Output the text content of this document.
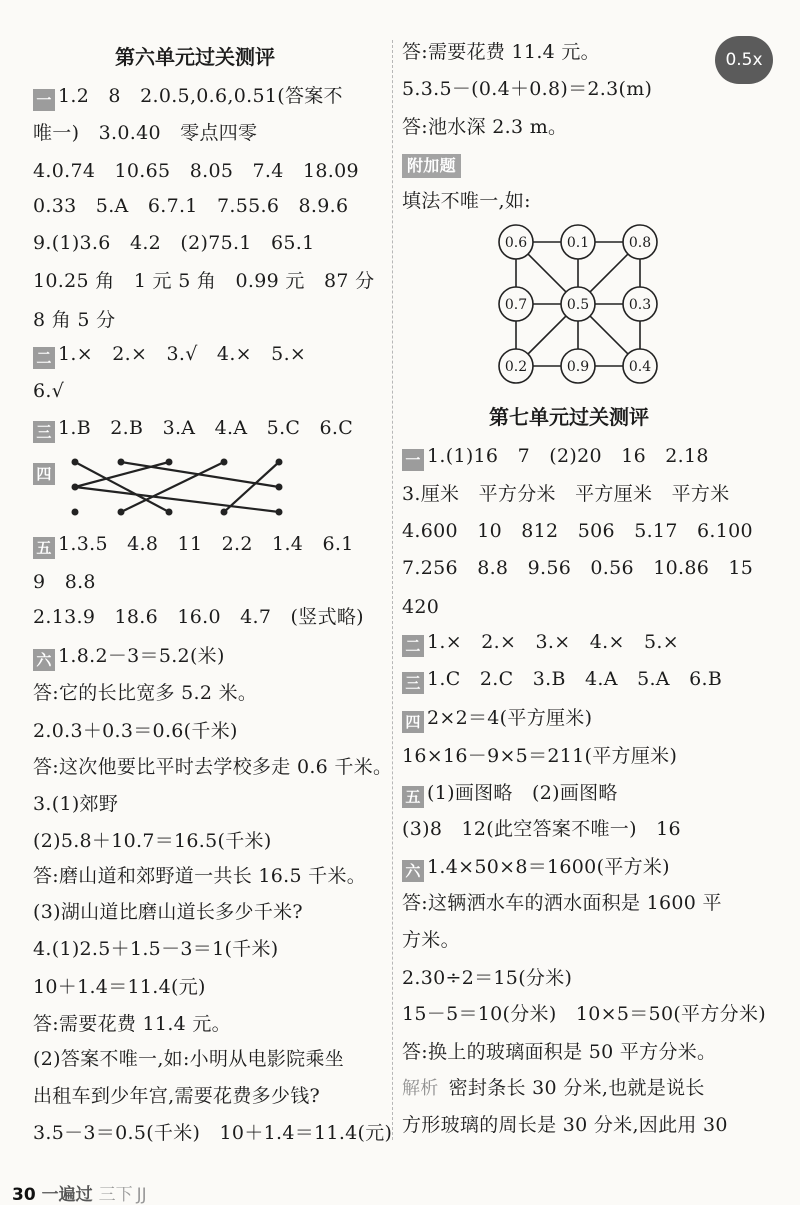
0.5x
第六单元过关测评
一 1.2　8　2.0.5,0.6,0.51(答案不
唯一)　3.0.40　零点四零
4.0.74　10.65　8.05　7.4　18.09
0.33　5.A　6.7.1　7.55.6　8.9.6
9.(1)3.6　4.2　(2)75.1　65.1
10.25 角　1 元 5 角　0.99 元　87 分
8 角 5 分
二 1.×　2.×　3.√　4.×　5.×
6.√
三 1.B　2.B　3.A　4.A　5.C　6.C
四
五 1.3.5　4.8　11　2.2　1.4　6.1
9　8.8
2.13.9　18.6　16.0　4.7　(竖式略)
六 1.8.2－3＝5.2(米)
答:它的长比宽多 5.2 米。
2.0.3＋0.3＝0.6(千米)
答:这次他要比平时去学校多走 0.6 千米。
3.(1)郊野
(2)5.8＋10.7＝16.5(千米)
答:磨山道和郊野道一共长 16.5 千米。
(3)湖山道比磨山道长多少千米?
4.(1)2.5＋1.5－3＝1(千米)
10＋1.4＝11.4(元)
答:需要花费 11.4 元。
(2)答案不唯一,如:小明从电影院乘坐
出租车到少年宫,需要花费多少钱?
3.5－3＝0.5(千米)　10＋1.4＝11.4(元)
答:需要花费 11.4 元。
5.3.5－(0.4＋0.8)＝2.3(m)
答:池水深 2.3 m。
附加题
填法不唯一,如:
0.6	0.1	0.8
0.7	0.5	0.3
0.2	0.9	0.4
第七单元过关测评
一 1.(1)16　7　(2)20　16　2.18
3.厘米　平方分米　平方厘米　平方米
4.600　10　812　506　5.17　6.100
7.256　8.8　9.56　0.56　10.86　15
420
二 1.×　2.×　3.×　4.×　5.×
三 1.C　2.C　3.B　4.A　5.A　6.B
四 2×2＝4(平方厘米)
16×16－9×5＝211(平方厘米)
五 (1)画图略　(2)画图略
(3)8　12(此空答案不唯一)　16
六 1.4×50×8＝1600(平方米)
答:这辆洒水车的洒水面积是 1600 平
方米。
2.30÷2＝15(分米)
15－5＝10(分米)　10×5＝50(平方分米)
答:换上的玻璃面积是 50 平方分米。
解析 密封条长 30 分米,也就是说长
方形玻璃的周长是 30 分米,因此用 30
30 一遍过 三下 JJ
